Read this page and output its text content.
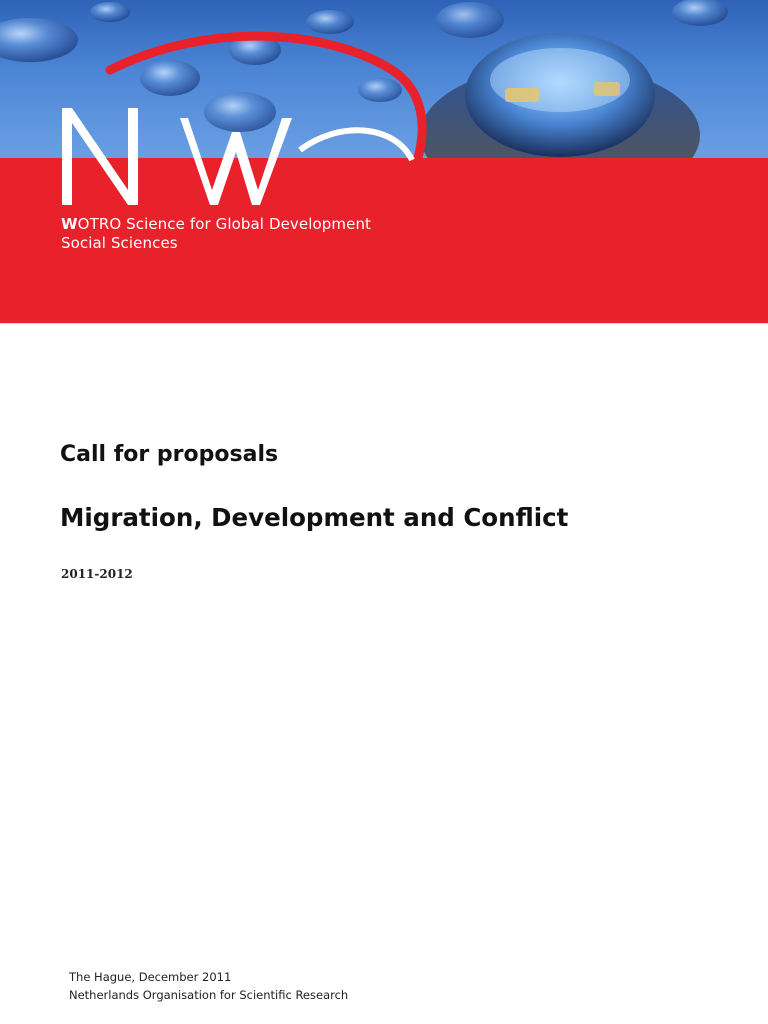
WOTRO Science for Global Development
Social Sciences
Call for proposals
Migration, Development and Conflict
2011-2012
The Hague, December 2011
Netherlands Organisation for Scientific Research
